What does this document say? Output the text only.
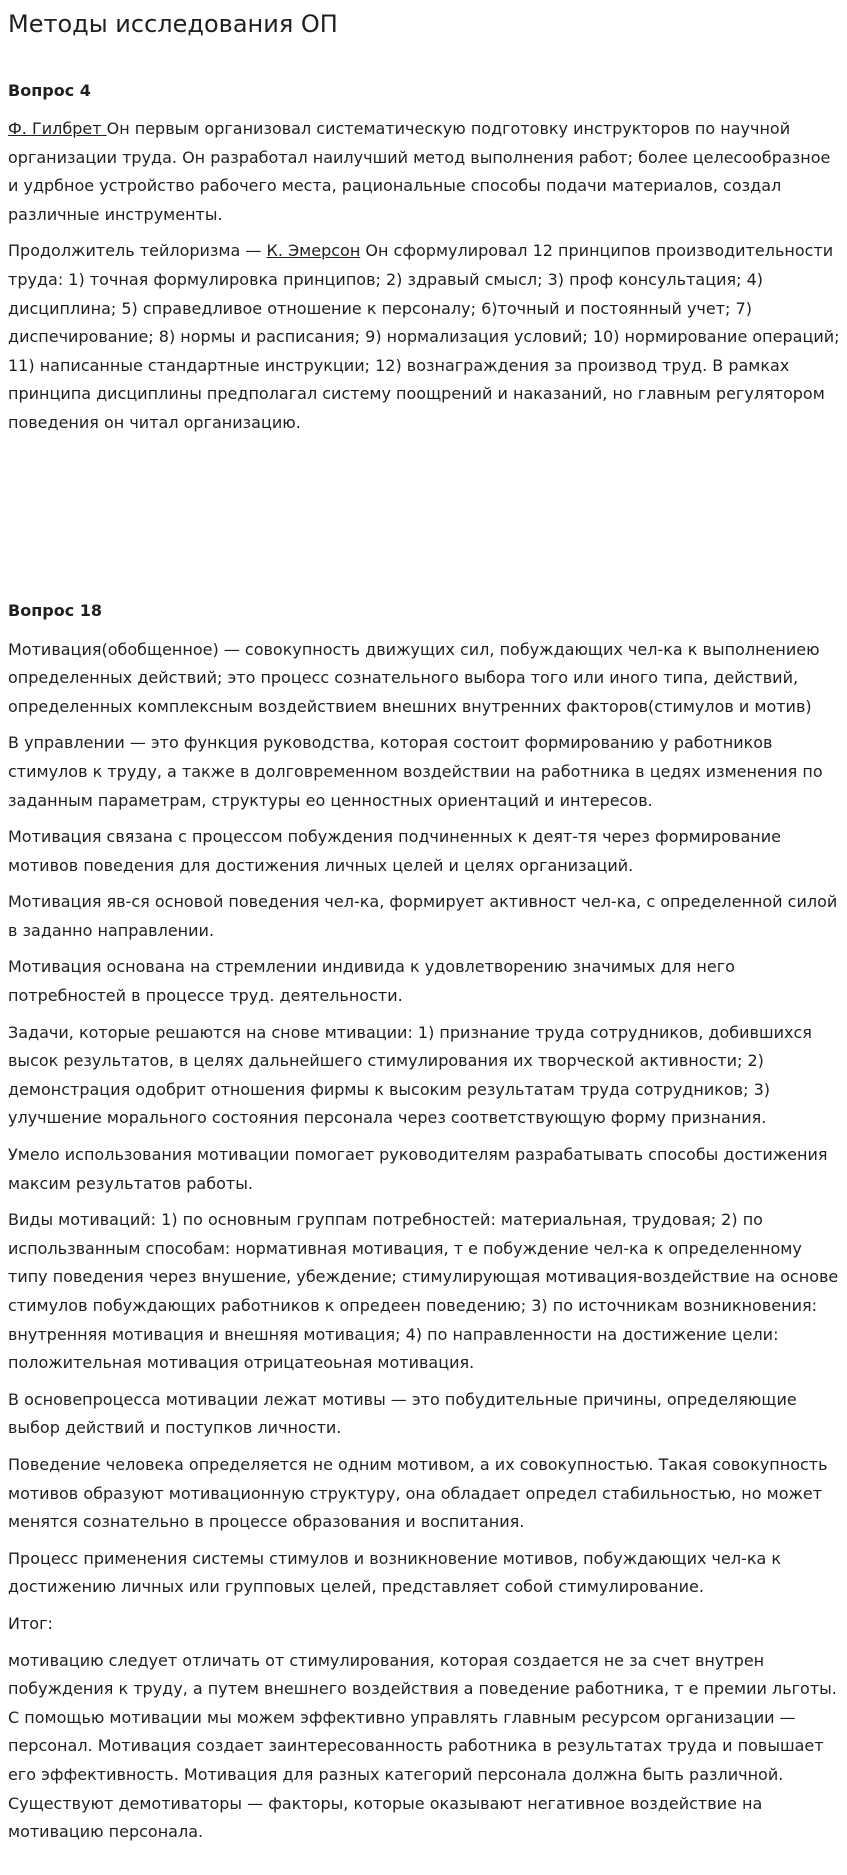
Методы исследования ОП
Вопрос 4

Ф. Гилбрет Он первым организовал систематическую подготовку инструкторов по научной организации труда. Он разработал наилучший метод выполнения работ; более целесообразное и удрбное устройство рабочего места, рациональные способы подачи материалов, создал различные инструменты.

Продолжитель тейлоризма — К. Эмерсон Он сформулировал 12 принципов производительности труда: 1) точная формулировка принципов; 2) здравый смысл; 3) проф консультация; 4) дисциплина; 5) справедливое отношение к персоналу; 6)точный и постоянный учет; 7) диспечирование; 8) нормы и расписания; 9) нормализация условий; 10) нормирование операций; 11) написанные стандартные инструкции; 12) вознаграждения за производ труд. В рамках принципа дисциплины предполагал систему поощрений и наказаний, но главным регулятором поведения он читал организацию.

Вопрос 18

Мотивация(обобщенное) — совокупность движущих сил, побуждающих чел-ка к выполнениею определенных действий; это процесс сознательного выбора того или иного типа, действий, определенных комплексным воздействием внешних внутренних факторов(стимулов и мотив)

В управлении — это функция руководства, которая состоит формированию у работников стимулов к труду, а также в долговременном воздействии на работника в цедях изменения по заданным параметрам, структуры ео ценностных ориентаций и интересов.

Мотивация связана с процессом побуждения подчиненных к деят-тя через формирование мотивов поведения для достижения личных целей и целях организаций.

Мотивация яв-ся основой поведения чел-ка, формирует активност чел-ка, с определенной силой в заданно направлении.

Мотивация основана на стремлении индивида к удовлетворению значимых для него потребностей в процессе труд. деятельности.

Задачи, которые решаются на снове мтивации: 1) признание труда сотрудников, добившихся высок результатов, в целях дальнейшего стимулирования их творческой активности; 2) демонстрация одобрит отношения фирмы к высоким результатам труда сотрудников; 3) улучшение морального состояния персонала через соответствующую форму признания.

Умело использования мотивации помогает руководителям разрабатывать способы достижения максим результатов работы.

Виды мотиваций: 1) по основным группам потребностей: материальная, трудовая; 2) по использванным способам: нормативная мотивация, т е побуждение чел-ка к определенному типу поведения через внушение, убеждение; стимулирующая мотивация-воздействие на основе стимулов побуждающих работников к опредеен поведению; 3) по источникам возникновения: внутренняя мотивация и внешняя мотивация; 4) по направленности на достижение цели: положительная мотивация отрицатеоьная мотивация.

В основепроцесса мотивации лежат мотивы — это побудительные причины, определяющие выбор действий и поступков личности.

Поведение человека определяется не одним мотивом, а их совокупностью. Такая совокупность мотивов образуют мотивационную структуру, она обладает определ стабильностью, но может менятся сознательно в процессе образования и воспитания.

Процесс применения системы стимулов и возникновение мотивов, побуждающих чел-ка к достижению личных или групповых целей, представляет собой стимулирование.

Итог:

мотивацию следует отличать от стимулирования, которая создается не за счет внутрен побуждения к труду, а путем внешнего воздействия а поведение работника, т е премии льготы. С помощью мотивации мы можем эффективно управлять главным ресурсом организации — персонал. Мотивация создает заинтересованность работника в результатах труда и повышает его эффективность. Мотивация для разных категорий персонала должна быть различной. Существуют демотиваторы — факторы, которые оказывают негативное воздействие на мотивацию персонала.
